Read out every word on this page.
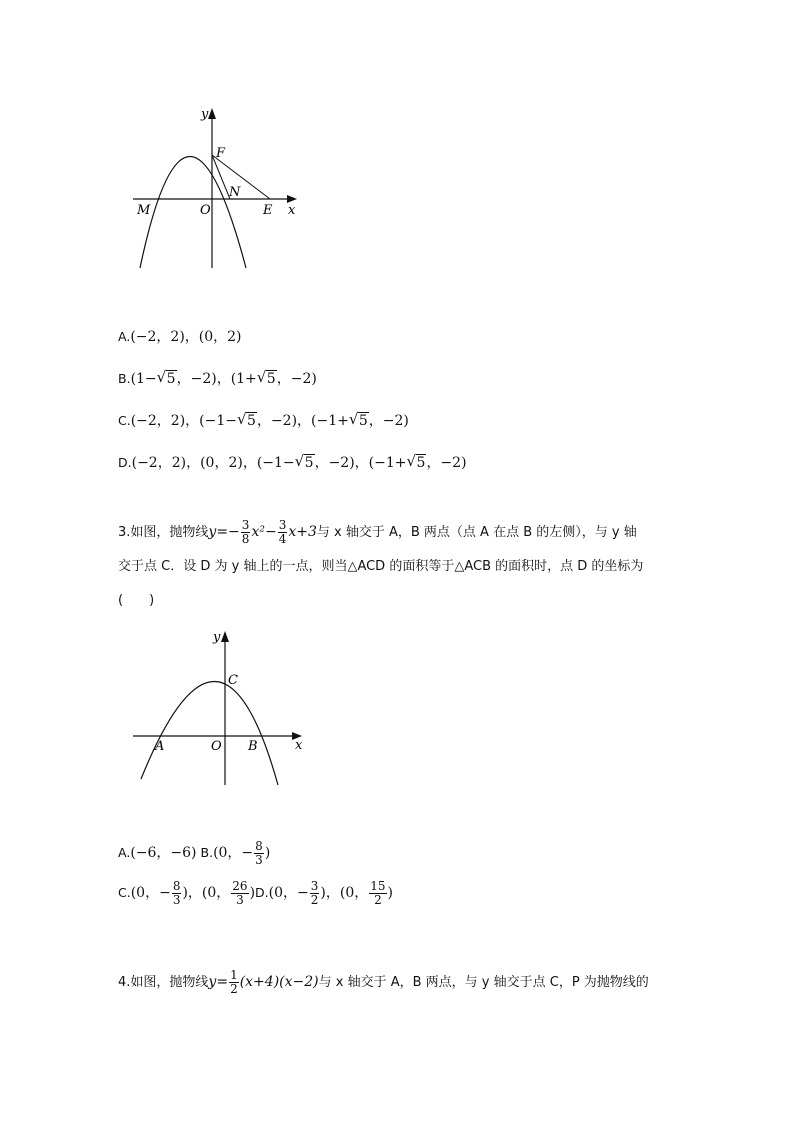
y
x
O
M	E
F
N
A.(−2，2)，(0，2)
B.(1− √ 5，−2)，(1+ √ 5，−2)
C.(−2，2)，(−1− √ 5，−2)，(−1+ √ 5，−2)
D.(−2，2)，(0，2)，(−1− √ 5，−2)，(−1+ √ 5，−2)
3.如图，抛物线$y=- \frac{3}{8} x^2- \frac{3}{4} x+3$与 x 轴交于 A，B 两点（点 A 在点 B 的左侧），与 y 轴
交于点 C．设 D 为 y 轴上的一点，则当△ACD 的面积等于△ACB 的面积时，点 D 的坐标为
(　　)
y
x
O
A	B
C
A.(−6，−6) B.(0，− $\frac{8}{3}$ )
C.(0，− $\frac{8}{3}$ )，(0， $\frac{26}{3} )D.(0$，− $\frac{3}{2}$ )，(0， $\frac{15}{2}$ )
4.如图，抛物线$y= \frac{1}{2} (x+4)(x-2)$与 x 轴交于 A，B 两点，与 y 轴交于点 C，P 为抛物线的
